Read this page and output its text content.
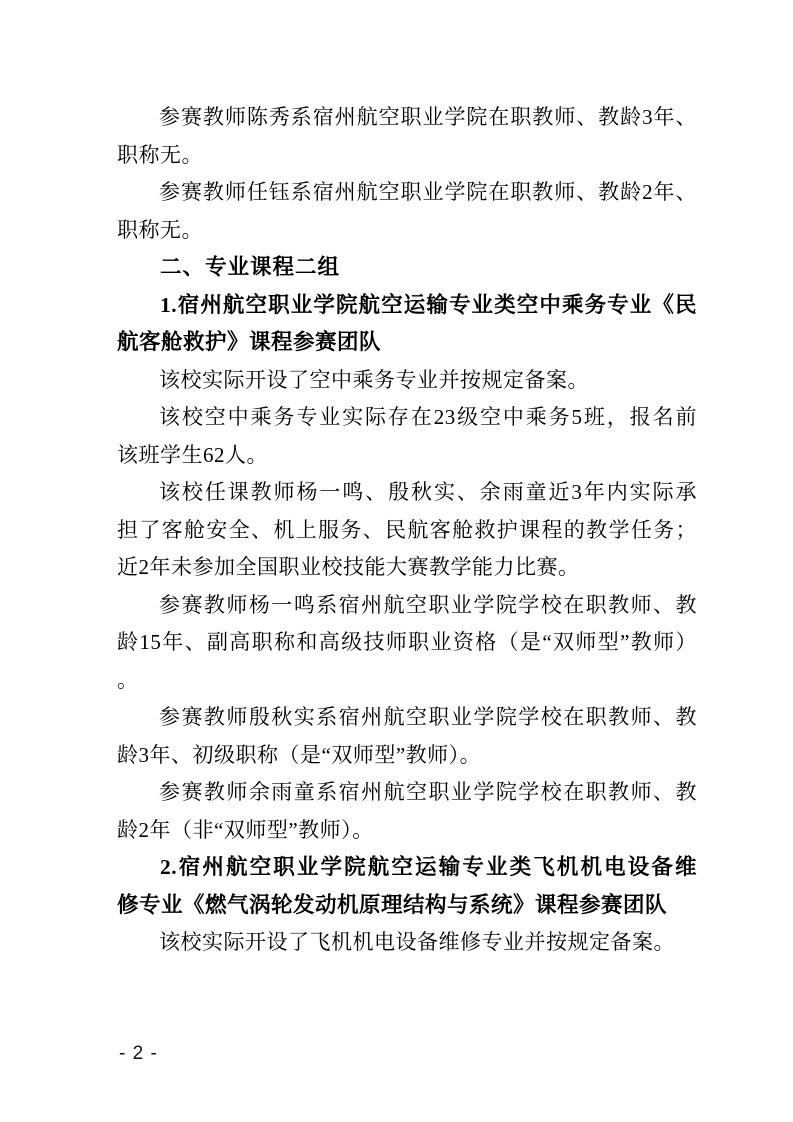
参赛教师陈秀系宿州航空职业学院在职教师、教龄3年、
职称无。
参赛教师任钰系宿州航空职业学院在职教师、教龄2年、
职称无。
二、专业课程二组
1.宿州航空职业学院航空运输专业类空中乘务专业《民
航客舱救护》课程参赛团队
该校实际开设了空中乘务专业并按规定备案。
该校空中乘务专业实际存在23级空中乘务5班，报名前
该班学生62人。
该校任课教师杨一鸣、殷秋实、余雨童近3年内实际承
担了客舱安全、机上服务、民航客舱救护课程的教学任务；
近2年未参加全国职业校技能大赛教学能力比赛。
参赛教师杨一鸣系宿州航空职业学院学校在职教师、教
龄15年、副高职称和高级技师职业资格（是“双师型”教师）
。
参赛教师殷秋实系宿州航空职业学院学校在职教师、教
龄3年、初级职称（是“双师型”教师）。
参赛教师余雨童系宿州航空职业学院学校在职教师、教
龄2年（非“双师型”教师）。
2.宿州航空职业学院航空运输专业类飞机机电设备维
修专业《燃气涡轮发动机原理结构与系统》课程参赛团队
该校实际开设了飞机机电设备维修专业并按规定备案。
- 2 -
